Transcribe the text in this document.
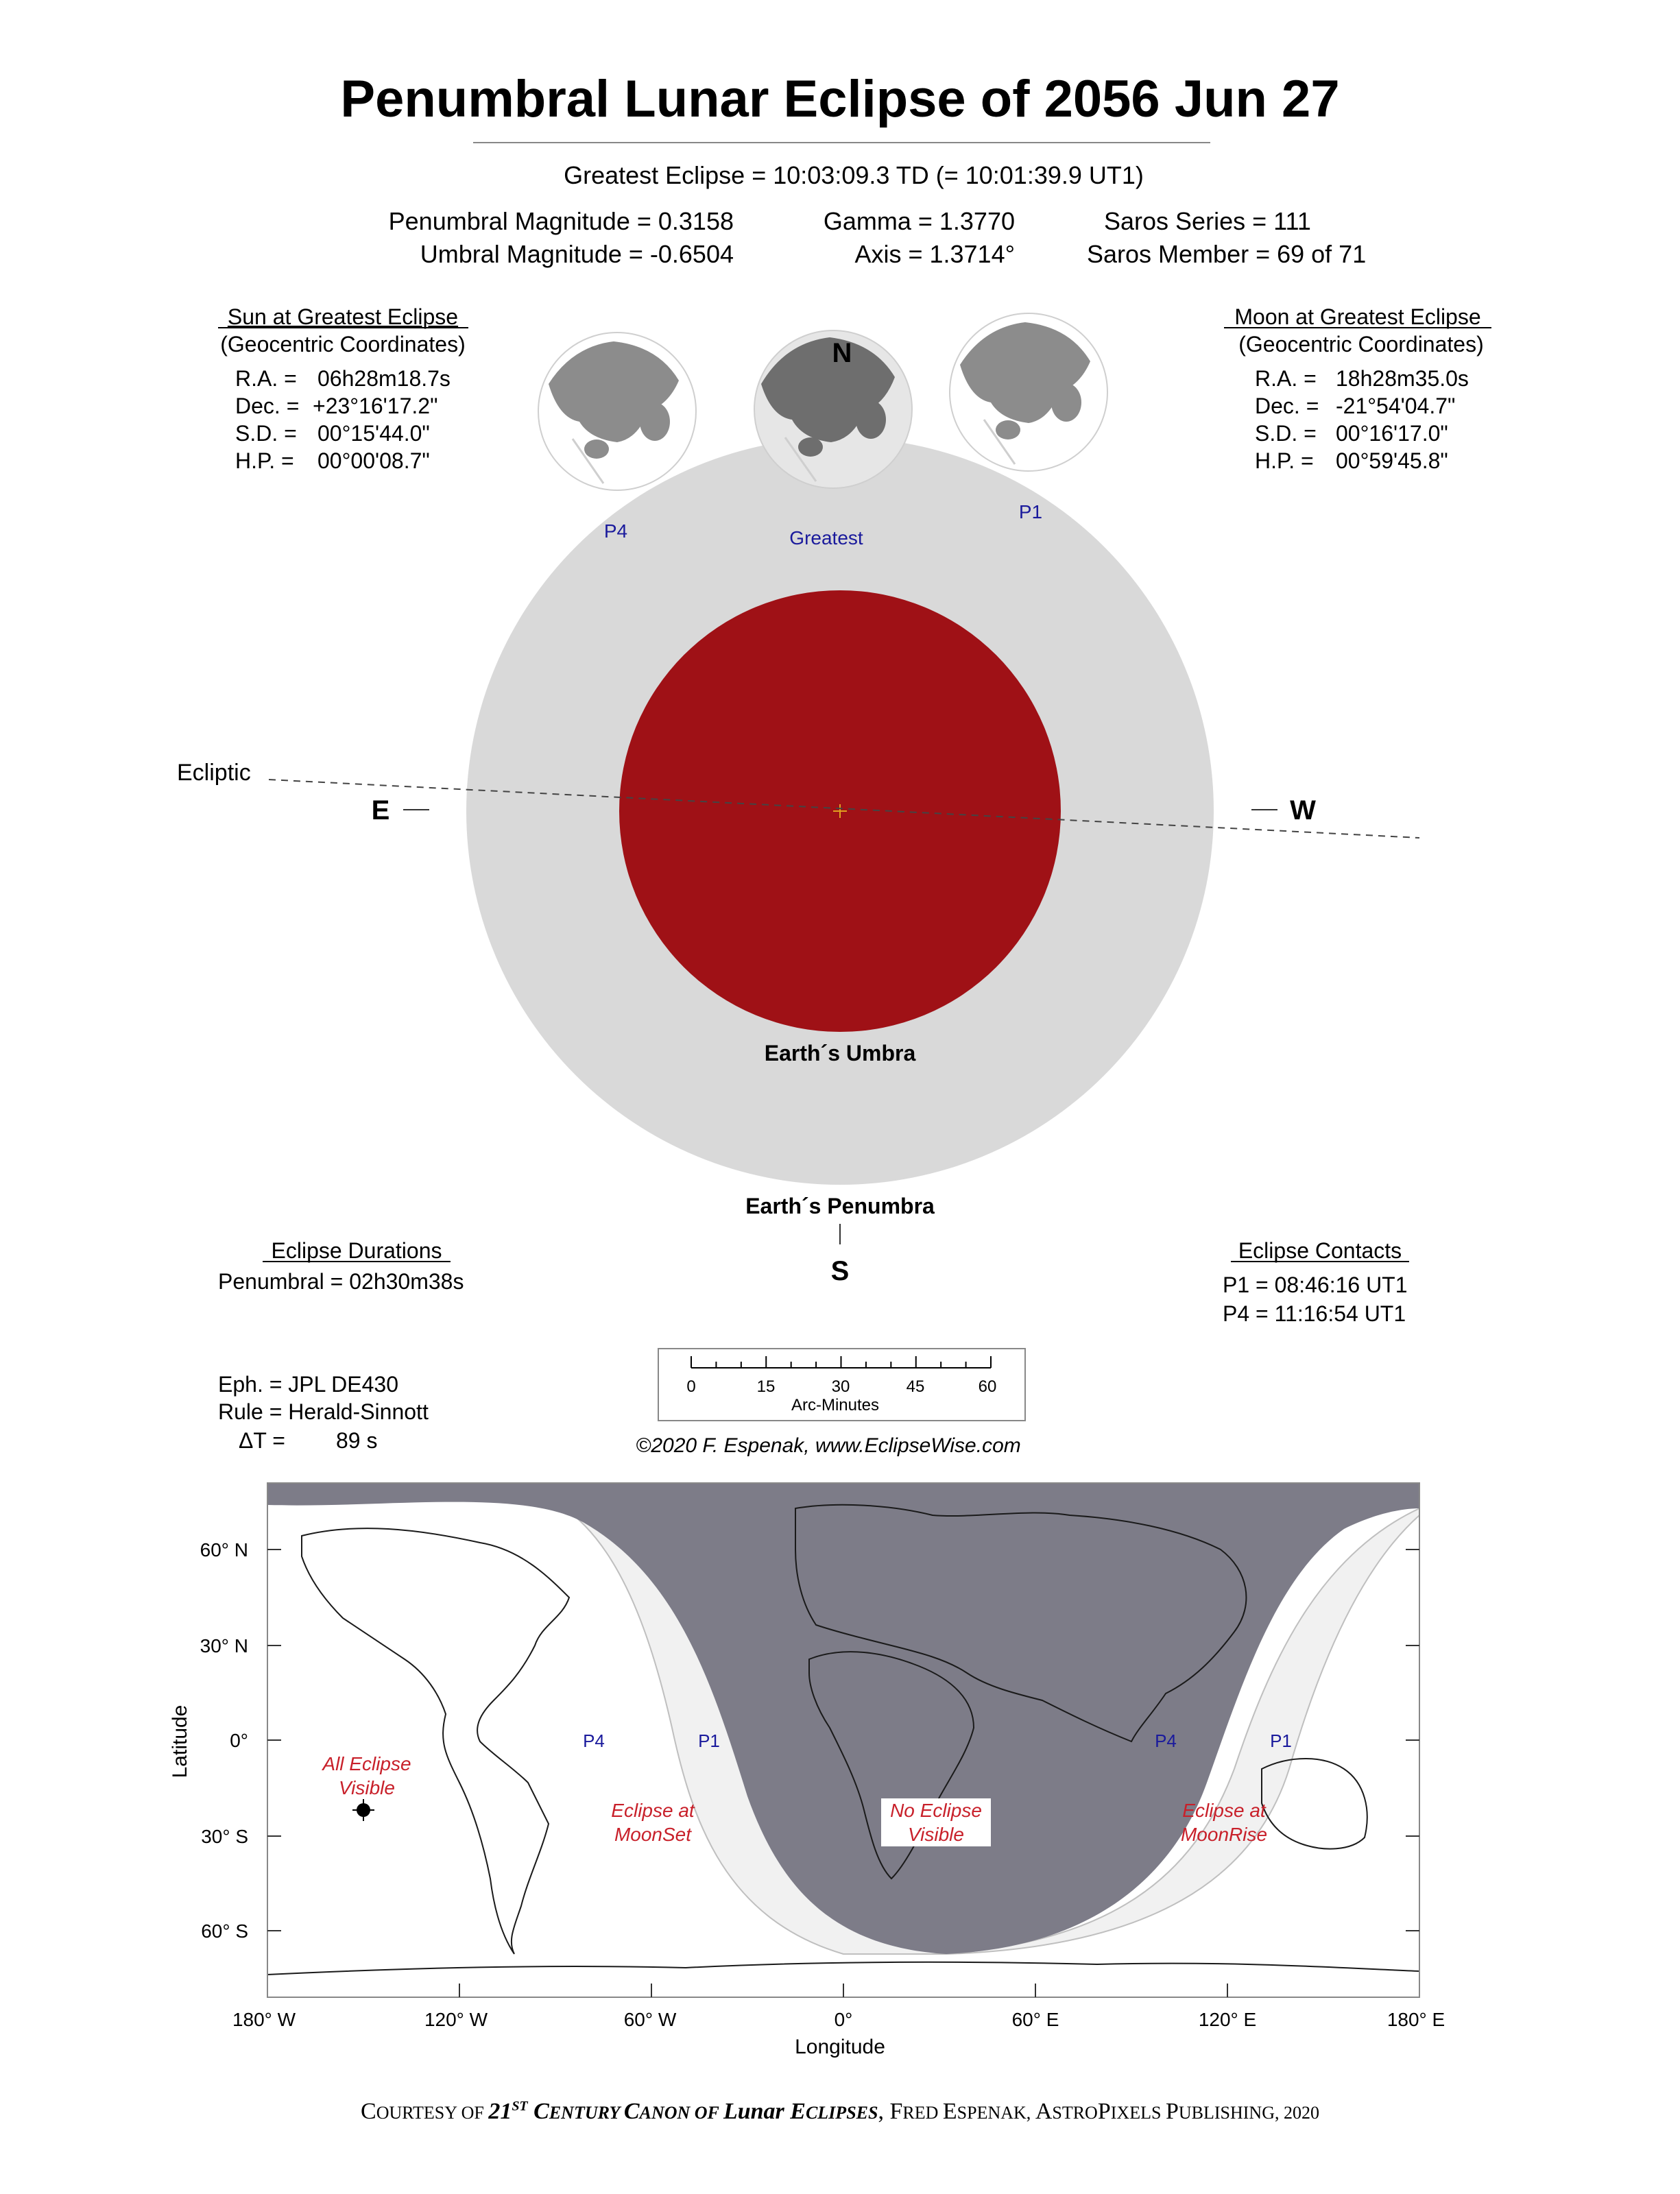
Penumbral Lunar Eclipse of 2056 Jun 27
Greatest Eclipse = 10:03:09.3 TD (= 10:01:39.9 UT1)
Penumbral Magnitude = 0.3158
Umbral Magnitude = -0.6504
Gamma = 1.3770
Axis = 1.3714°
Saros Series = 111
Saros Member = 69 of 71
Sun at Greatest Eclipse
(Geocentric Coordinates)
R.A. = 06h28m18.7s
Dec. = +23°16'17.2"
S.D. = 00°15'44.0"
H.P. = 00°00'08.7"
Moon at Greatest Eclipse
(Geocentric Coordinates)
R.A. = 18h28m35.0s
Dec. = -21°54'04.7"
S.D. = 00°16'17.0"
H.P. = 00°59'45.8"
Ecliptic
E	W
Earth´s Umbra
Earth´s Penumbra
S
N
P4	Greatest
P1
Eclipse Durations
Penumbral = 02h30m38s
Eclipse Contacts
P1 = 08:46:16 UT1
P4 = 11:16:54 UT1
Eph. = JPL DE430
Rule = Herald-Sinnott
ΔT = 89 s
0	15	30	45	60
Arc-Minutes
©2020 F. Espenak, www.EclipseWise.com
60° N
30° N
0°
30° S
60° S
180° W	120° W	60° W	0°	60° E	120° E	180° E
Longitude
Latitude	All Eclipse
Visible
Eclipse at
MoonSet
No Eclipse
Visible
Eclipse at
MoonRise
P4	P1	P4	P1
COURTESY OF 21ST CENTURY CANON OF Lunar ECLIPSES, FRED ESPENAK, ASTROPIXELS PUBLISHING, 2020
